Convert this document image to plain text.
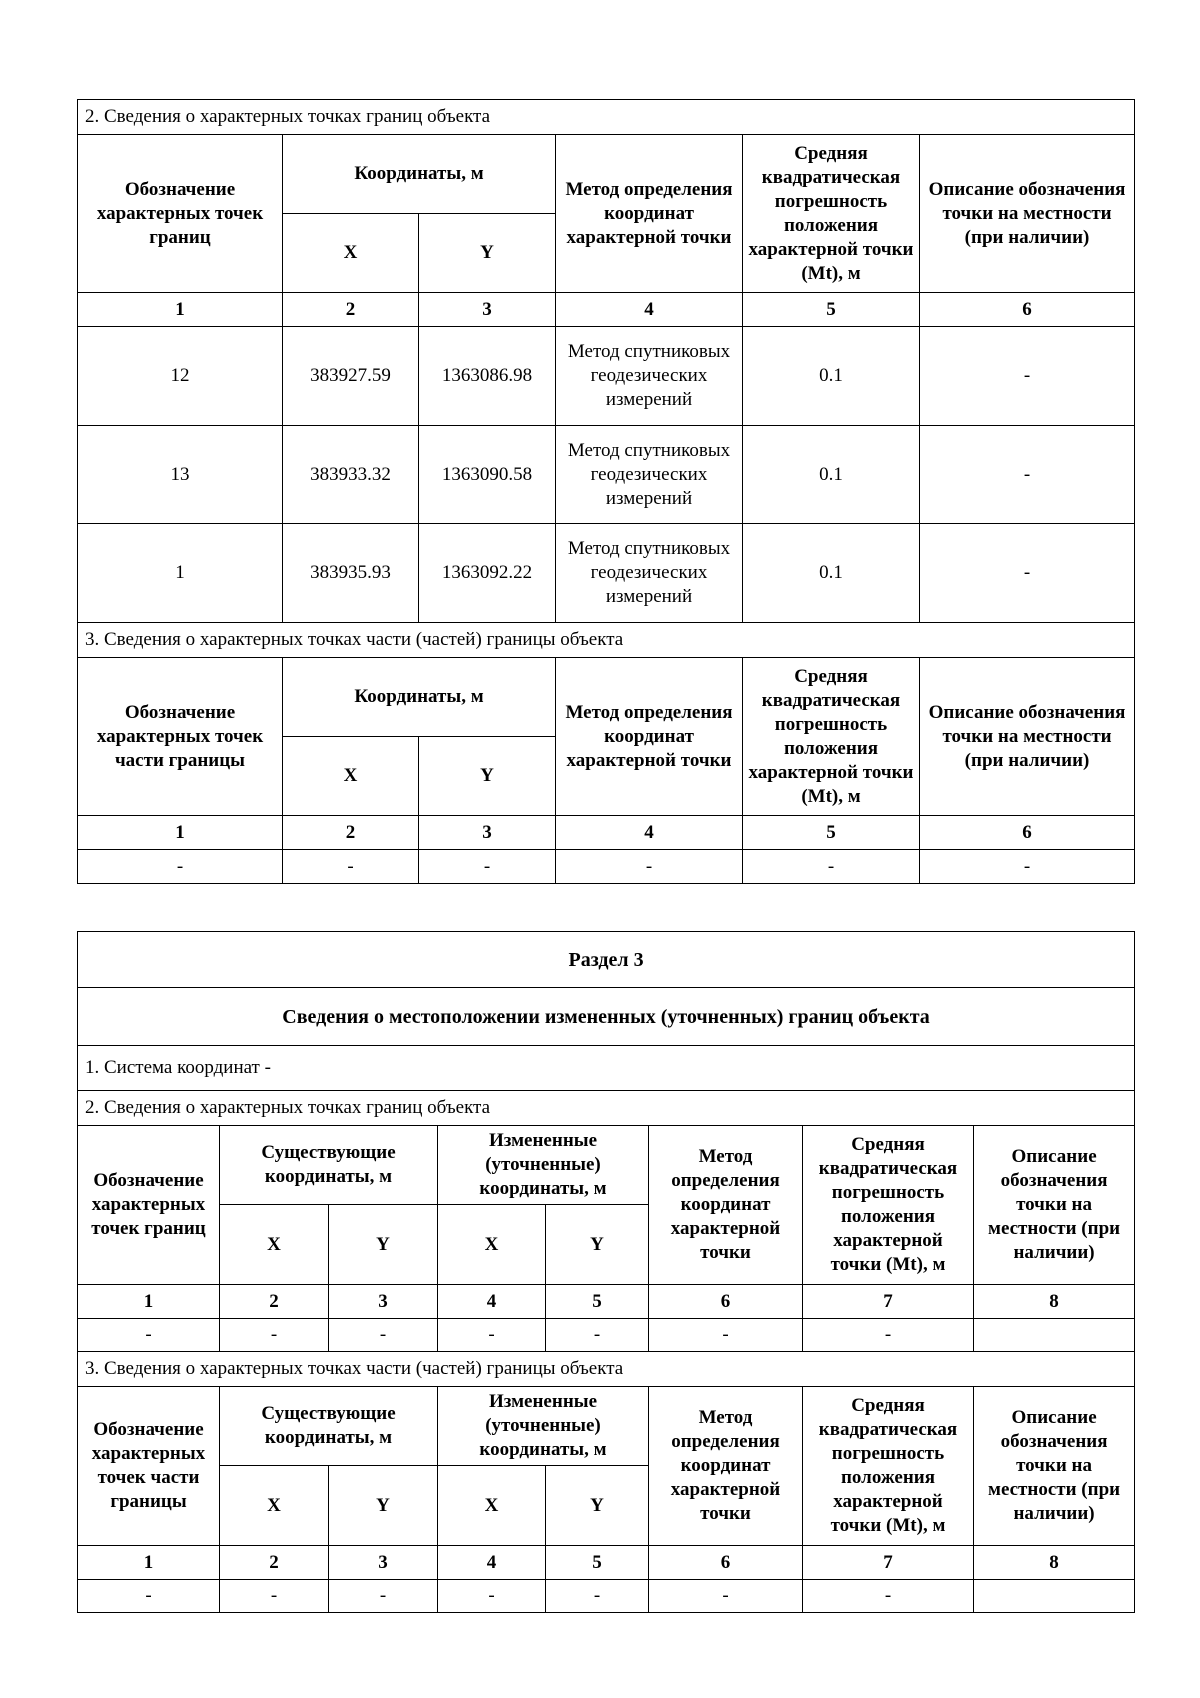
2. Сведения о характерных точках границ объекта					
Обозначение характерных точек границ	Координаты, м		Метод определения координат характерной точки	Средняя квадратическая погрешность положения характерной точки (Mt), м	Описание обозначения точки на местности (при наличии)
	X	Y			
1	2	3	4	5	6
12	383927.59	1363086.98	Метод спутниковых геодезических измерений	0.1	-
13	383933.32	1363090.58	Метод спутниковых геодезических измерений	0.1	-
1	383935.93	1363092.22	Метод спутниковых геодезических измерений	0.1	-
3. Сведения о характерных точках части (частей) границы объекта					
Обозначение характерных точек части границы	Координаты, м		Метод определения координат характерной точки	Средняя квадратическая погрешность положения характерной точки (Mt), м	Описание обозначения точки на местности (при наличии)
	X	Y			
1	2	3	4	5	6
-	-	-	-	-	-
Раздел 3							
Сведения о местоположении измененных (уточненных) границ объекта							
1. Система координат -							
2. Сведения о характерных точках границ объекта							
Обозначение характерных точек границ	Существующие координаты, м		Измененные (уточненные) координаты, м		Метод определения координат характерной точки	Средняя квадратическая погрешность положения характерной точки (Mt), м	Описание обозначения точки на местности (при наличии)
	X	Y	X	Y			
1	2	3	4	5	6	7	8
-	-	-	-	-	-	-	
3. Сведения о характерных точках части (частей) границы объекта							
Обозначение характерных точек части границы	Существующие координаты, м		Измененные (уточненные) координаты, м		Метод определения координат характерной точки	Средняя квадратическая погрешность положения характерной точки (Mt), м	Описание обозначения точки на местности (при наличии)
	X	Y	X	Y			
1	2	3	4	5	6	7	8
-	-	-	-	-	-	-	
